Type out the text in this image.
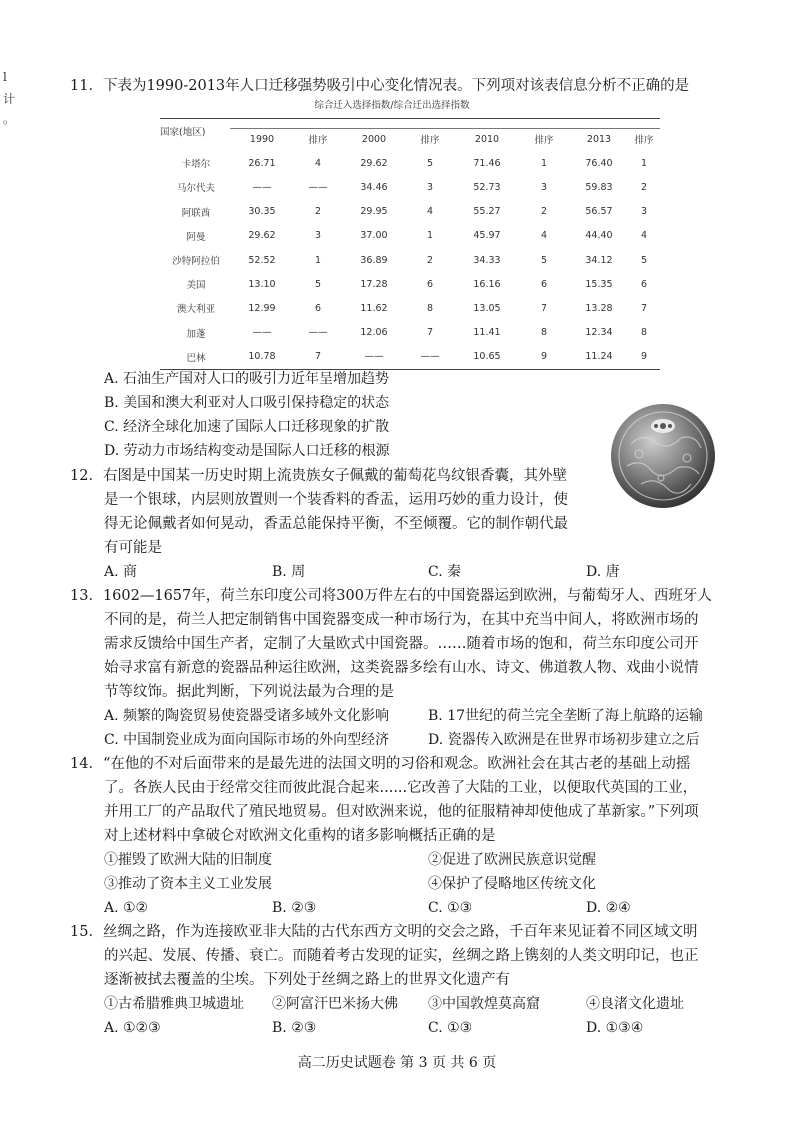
l
计
。
11．下表为1990-2013年人口迁移强势吸引中心变化情况表。下列项对该表信息分析不正确的是
综合迁入选择指数/综合迁出选择指数
国家(地区)	1990	排序	2000	排序	2010	排序	2013	排序
卡塔尔	26.71	4	29.62	5	71.46	1	76.40	1
马尔代夫	——	——	34.46	3	52.73	3	59.83	2
阿联酋	30.35	2	29.95	4	55.27	2	56.57	3
阿曼	29.62	3	37.00	1	45.97	4	44.40	4
沙特阿拉伯	52.52	1	36.89	2	34.33	5	34.12	5
美国	13.10	5	17.28	6	16.16	6	15.35	6
澳大利亚	12.99	6	11.62	8	13.05	7	13.28	7
加蓬	——	——	12.06	7	11.41	8	12.34	8
巴林	10.78	7	——	——	10.65	9	11.24	9
A. 石油生产国对人口的吸引力近年呈增加趋势
B. 美国和澳大利亚对人口吸引保持稳定的状态
C. 经济全球化加速了国际人口迁移现象的扩散
D. 劳动力市场结构变动是国际人口迁移的根源
12．右图是中国某一历史时期上流贵族女子佩戴的葡萄花鸟纹银香囊，其外壁
是一个银球，内层则放置则一个装香料的香盂，运用巧妙的重力设计，使
得无论佩戴者如何晃动，香盂总能保持平衡，不至倾覆。它的制作朝代最
有可能是
A. 商	B. 周	C. 秦	D. 唐
13．1602—1657年，荷兰东印度公司将300万件左右的中国瓷器运到欧洲，与葡萄牙人、西班牙人
不同的是，荷兰人把定制销售中国瓷器变成一种市场行为，在其中充当中间人，将欧洲市场的
需求反馈给中国生产者，定制了大量欧式中国瓷器。……随着市场的饱和，荷兰东印度公司开
始寻求富有新意的瓷器品种运往欧洲，这类瓷器多绘有山水、诗文、佛道教人物、戏曲小说情
节等纹饰。据此判断，下列说法最为合理的是
A. 频繁的陶瓷贸易使瓷器受诸多域外文化影响	B. 17世纪的荷兰完全垄断了海上航路的运输
C. 中国制瓷业成为面向国际市场的外向型经济	D. 瓷器传入欧洲是在世界市场初步建立之后
14．“在他的不对后面带来的是最先进的法国文明的习俗和观念。欧洲社会在其古老的基础上动摇
了。各族人民由于经常交往而彼此混合起来......它改善了大陆的工业，以便取代英国的工业，
并用工厂的产品取代了殖民地贸易。但对欧洲来说，他的征服精神却使他成了革新家。”下列项
对上述材料中拿破仑对欧洲文化重构的诸多影响概括正确的是
①摧毁了欧洲大陆的旧制度	②促进了欧洲民族意识觉醒
③推动了资本主义工业发展	④保护了侵略地区传统文化
A. ①②	B. ②③	C. ①③	D. ②④
15．丝绸之路，作为连接欧亚非大陆的古代东西方文明的交会之路，千百年来见证着不同区域文明
的兴起、发展、传播、衰亡。而随着考古发现的证实，丝绸之路上镌刻的人类文明印记，也正
逐渐被拭去覆盖的尘埃。下列处于丝绸之路上的世界文化遗产有
①古希腊雅典卫城遗址 ②阿富汗巴米扬大佛 ③中国敦煌莫高窟	④良渚文化遗址
A. ①②③	B. ②③	C. ①③	D. ①③④
高二历史试题卷 第 3 页 共 6 页
